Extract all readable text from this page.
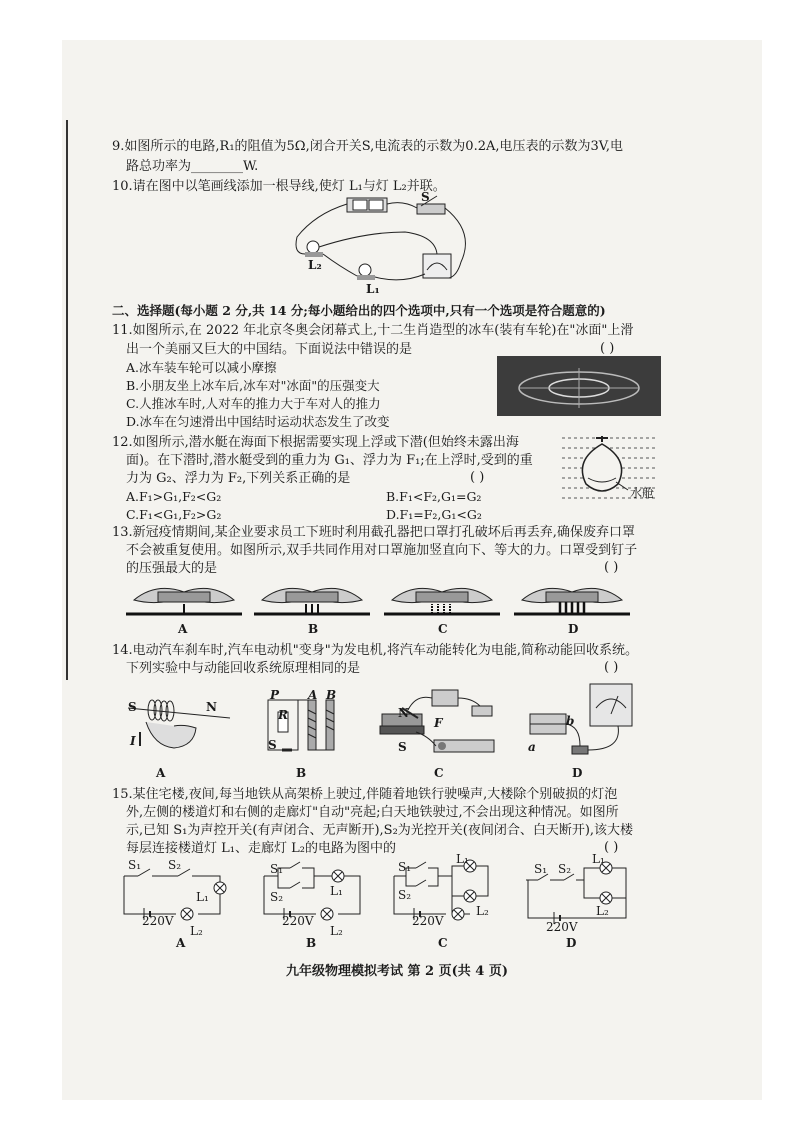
9.如图所示的电路,R₁的阻值为5Ω,闭合开关S,电流表的示数为0.2A,电压表的示数为3V,电
路总功率为________W.
10.请在图中以笔画线添加一根导线,使灯 L₁与灯 L₂并联。
S
L₂
L₁
二、选择题(每小题 2 分,共 14 分;每小题给出的四个选项中,只有一个选项是符合题意的)
11.如图所示,在 2022 年北京冬奥会闭幕式上,十二生肖造型的冰车(装有车轮)在"冰面"上滑
出一个美丽又巨大的中国结。下面说法中错误的是	( )
A.冰车装车轮可以减小摩擦
B.小朋友坐上冰车后,冰车对"冰面"的压强变大
C.人推冰车时,人对车的推力大于车对人的推力
D.冰车在匀速滑出中国结时运动状态发生了改变
12.如图所示,潜水艇在海面下根据需要实现上浮或下潜(但始终未露出海
面)。在下潜时,潜水艇受到的重力为 G₁、浮力为 F₁;在上浮时,受到的重
力为 G₂、浮力为 F₂,下列关系正确的是	( )
A.F₁>G₁,F₂<G₂	B.F₁<F₂,G₁=G₂
C.F₁<G₁,F₂>G₂	D.F₁=F₂,G₁<G₂
水舱
13.新冠疫情期间,某企业要求员工下班时利用截孔器把口罩打孔破坏后再丢弃,确保废弃口罩
不会被重复使用。如图所示,双手共同作用对口罩施加竖直向下、等大的力。口罩受到钉子
的压强最大的是	( )
A	B	C	D
14.电动汽车刹车时,汽车电动机"变身"为发电机,将汽车动能转化为电能,简称动能回收系统。
下列实验中与动能回收系统原理相同的是	( )
S	N
I
P
R
A B
S
N
S
F
a
b
A	B	C	D
15.某住宅楼,夜间,每当地铁从高架桥上驶过,伴随着地铁行驶噪声,大楼除个别破损的灯泡
外,左侧的楼道灯和右侧的走廊灯"自动"亮起;白天地铁驶过,不会出现这种情况。如图所
示,已知 S₁为声控开关(有声闭合、无声断开),S₂为光控开关(夜间闭合、白天断开),该大楼
每层连接楼道灯 L₁、走廊灯 L₂的电路为图中的	( )
S₁ S₂
L₁
L₂
220V
S₁
S₂	L₁
L₂
220V
S₁
S₂
L₁
L₂
220V
S₁ S₂
L₁
L₂
220V
A	B	C	D
九年级物理模拟考试 第 2 页(共 4 页)
